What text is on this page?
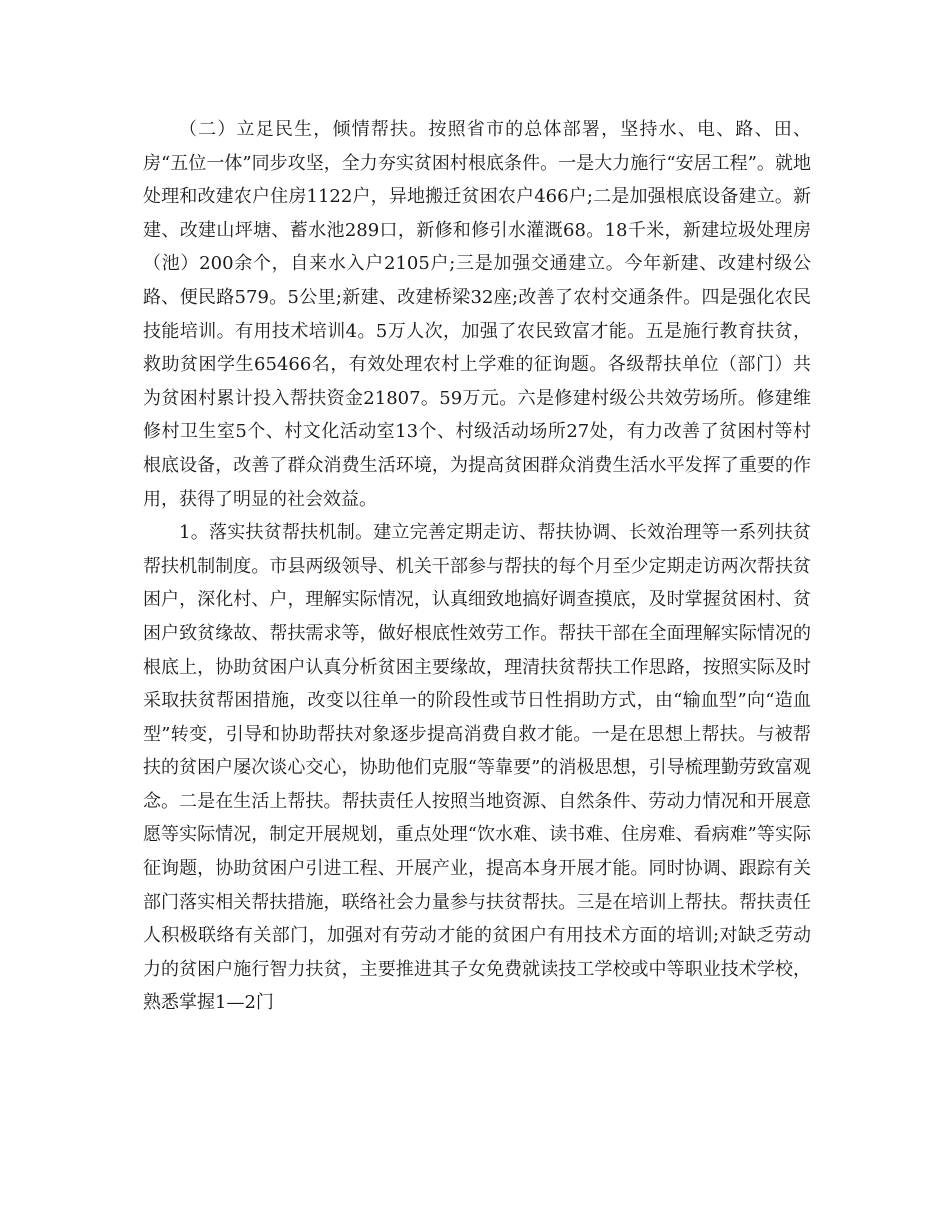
（二）立足民生，倾情帮扶。按照省市的总体部署，坚持水、电、路、田、房“五位一体”同步攻坚，全力夯实贫困村根底条件。一是大力施行“安居工程”。就地处理和改建农户住房1122户，异地搬迁贫困农户466户;二是加强根底设备建立。新建、改建山坪塘、蓄水池289口，新修和修引水灌溉68。18千米，新建垃圾处理房（池）200余个，自来水入户2105户;三是加强交通建立。今年新建、改建村级公路、便民路579。5公里;新建、改建桥梁32座;改善了农村交通条件。四是强化农民技能培训。有用技术培训4。5万人次，加强了农民致富才能。五是施行教育扶贫，救助贫困学生65466名，有效处理农村上学难的征询题。各级帮扶单位（部门）共为贫困村累计投入帮扶资金21807。59万元。六是修建村级公共效劳场所。修建维修村卫生室5个、村文化活动室13个、村级活动场所27处，有力改善了贫困村等村根底设备，改善了群众消费生活环境，为提高贫困群众消费生活水平发挥了重要的作用，获得了明显的社会效益。

1。落实扶贫帮扶机制。建立完善定期走访、帮扶协调、长效治理等一系列扶贫帮扶机制制度。市县两级领导、机关干部参与帮扶的每个月至少定期走访两次帮扶贫困户，深化村、户，理解实际情况，认真细致地搞好调查摸底，及时掌握贫困村、贫困户致贫缘故、帮扶需求等，做好根底性效劳工作。帮扶干部在全面理解实际情况的根底上，协助贫困户认真分析贫困主要缘故，理清扶贫帮扶工作思路，按照实际及时采取扶贫帮困措施，改变以往单一的阶段性或节日性捐助方式，由“输血型”向“造血型”转变，引导和协助帮扶对象逐步提高消费自救才能。一是在思想上帮扶。与被帮扶的贫困户屡次谈心交心，协助他们克服“等靠要”的消极思想，引导梳理勤劳致富观念。二是在生活上帮扶。帮扶责任人按照当地资源、自然条件、劳动力情况和开展意愿等实际情况，制定开展规划，重点处理“饮水难、读书难、住房难、看病难”等实际征询题，协助贫困户引进工程、开展产业，提高本身开展才能。同时协调、跟踪有关部门落实相关帮扶措施，联络社会力量参与扶贫帮扶。三是在培训上帮扶。帮扶责任人积极联络有关部门，加强对有劳动才能的贫困户有用技术方面的培训;对缺乏劳动力的贫困户施行智力扶贫，主要推进其子女免费就读技工学校或中等职业技术学校，熟悉掌握1—2门
